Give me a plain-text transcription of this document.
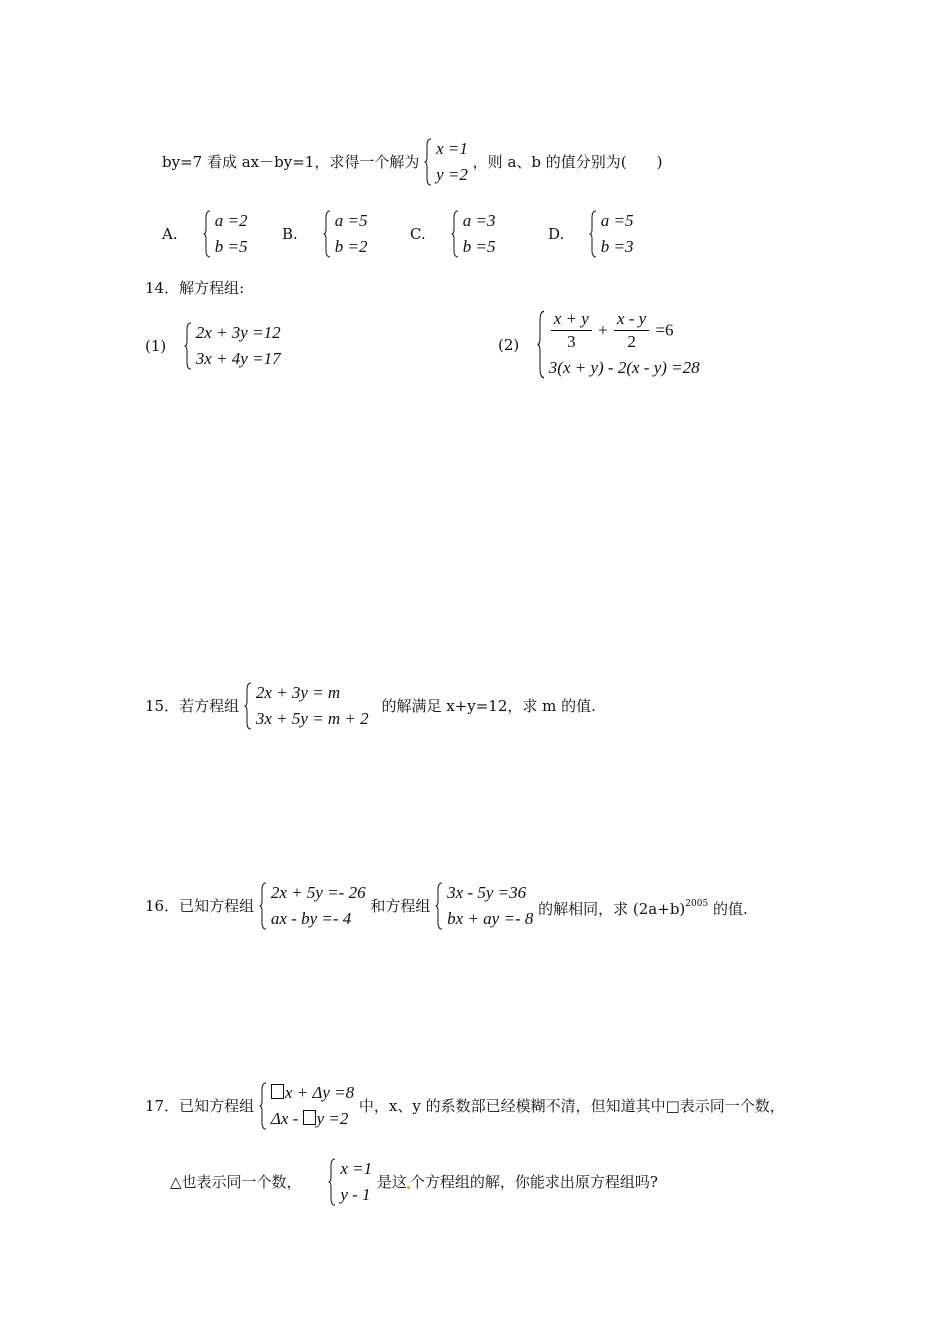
by=7 看成 ax－by=1，求得一个解为
x =1
y =2
，则 a、b 的值分别为(　　)
A.
a =2
b =5
B.
a =5
b =2
C.
a =3
b =5
D.
a =5
b =3
14．解方程组:
(1)
2x + 3y =12
3x + 4y =17
$(2) \frac{x + y}{3} + \frac{x - y}{2} =6$
3(x + y) - 2(x - y) =28
15．若方程组
2x + 3y = m
3x + 5y = m + 2
的解满足 x+y=12，求 m 的值.
16．已知方程组
2x + 5y =- 26
ax - by =- 4
和方程组
3x - 5y =36
bx + ay =- 8
的解相同，求 $(2a+b)^{2005}$ 的值.
17．已知方程组
x + Δy =8
Δx - y =2
中，x、y 的系数部已经模糊不清，但知道其中□表示同一个数，
△也表示同一个数，
x =1
y - 1
是这 个方程组的解，你能求出原方程组吗?
